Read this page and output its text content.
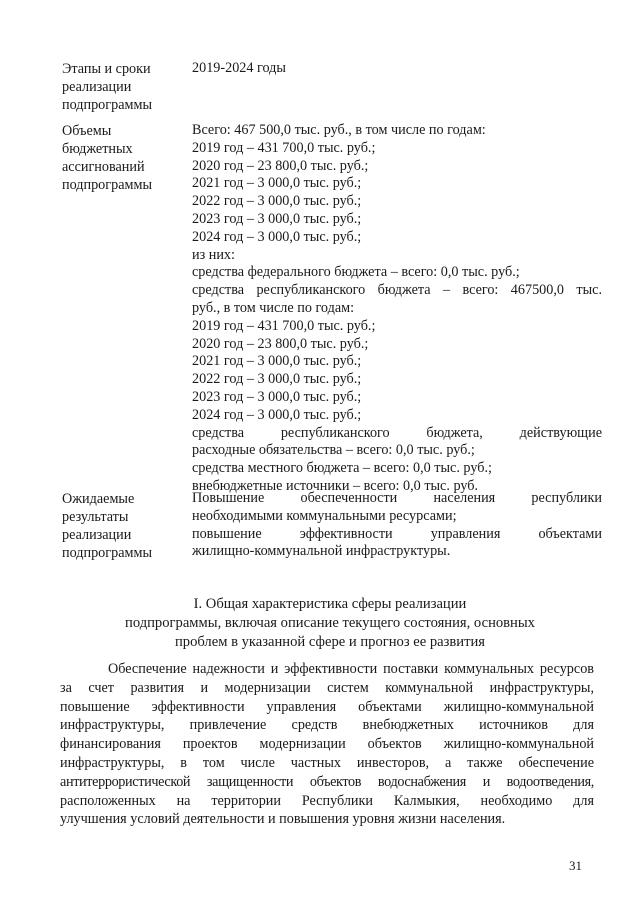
Этапы и сроки
реализации
подпрограммы
2019-2024 годы
Объемы
бюджетных
ассигнований
подпрограммы
Всего: 467 500,0 тыс. руб., в том числе по годам:
2019 год – 431 700,0 тыс. руб.;
2020 год – 23 800,0 тыс. руб.;
2021 год – 3 000,0 тыс. руб.;
2022 год – 3 000,0 тыс. руб.;
2023 год – 3 000,0 тыс. руб.;
2024 год – 3 000,0 тыс. руб.;
из них:
средства федерального бюджета – всего: 0,0 тыс. руб.;
средства республиканского бюджета – всего: 467500,0 тыс.
руб., в том числе по годам:
2019 год – 431 700,0 тыс. руб.;
2020 год – 23 800,0 тыс. руб.;
2021 год – 3 000,0 тыс. руб.;
2022 год – 3 000,0 тыс. руб.;
2023 год – 3 000,0 тыс. руб.;
2024 год – 3 000,0 тыс. руб.;
средства республиканского бюджета, действующие
расходные обязательства – всего: 0,0 тыс. руб.;
средства местного бюджета – всего: 0,0 тыс. руб.;
внебюджетные источники – всего: 0,0 тыс. руб.
Ожидаемые
результаты
реализации
подпрограммы
Повышение обеспеченности населения республики
необходимыми коммунальными ресурсами;
повышение эффективности управления объектами
жилищно-коммунальной инфраструктуры.
I. Общая характеристика сферы реализации
подпрограммы, включая описание текущего состояния, основных
проблем в указанной сфере и прогноз ее развития
Обеспечение надежности и эффективности поставки коммунальных ресурсов
за счет развития и модернизации систем коммунальной инфраструктуры,
повышение эффективности управления объектами жилищно-коммунальной
инфраструктуры, привлечение средств внебюджетных источников для
финансирования проектов модернизации объектов жилищно-коммунальной
инфраструктуры, в том числе частных инвесторов, а также обеспечение
антитеррористической защищенности объектов водоснабжения и водоотведения,
расположенных на территории Республики Калмыкия, необходимо для
улучшения условий деятельности и повышения уровня жизни населения.
31
